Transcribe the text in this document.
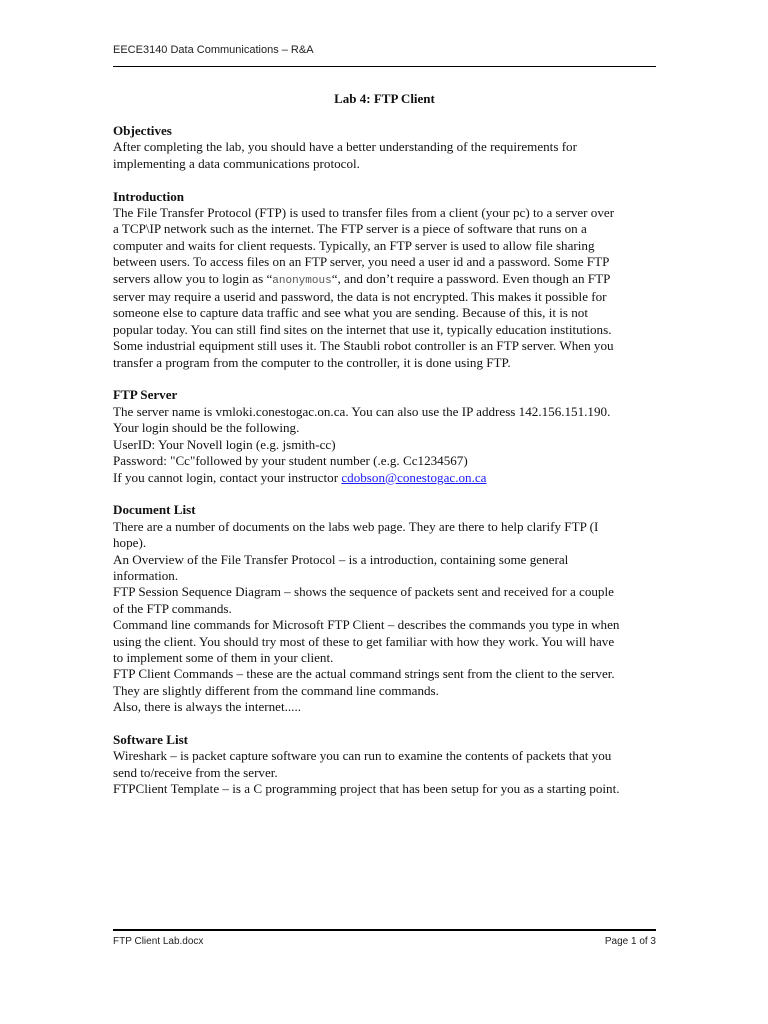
EECE3140 Data Communications – R&A
Lab 4: FTP Client

Objectives

After completing the lab, you should have a better understanding of the requirements for

implementing a data communications protocol.

Introduction

The File Transfer Protocol (FTP) is used to transfer files from a client (your pc) to a server over

a TCP\IP network such as the internet. The FTP server is a piece of software that runs on a

computer and waits for client requests. Typically, an FTP server is used to allow file sharing

between users. To access files on an FTP server, you need a user id and a password. Some FTP

servers allow you to login as “anonymous“, and don’t require a password. Even though an FTP

server may require a userid and password, the data is not encrypted. This makes it possible for

someone else to capture data traffic and see what you are sending. Because of this, it is not

popular today. You can still find sites on the internet that use it, typically education institutions.

Some industrial equipment still uses it. The Staubli robot controller is an FTP server. When you

transfer a program from the computer to the controller, it is done using FTP.

FTP Server

The server name is vmloki.conestogac.on.ca. You can also use the IP address 142.156.151.190.

Your login should be the following.

UserID: Your Novell login (e.g. jsmith-cc)

Password: "Cc"followed by your student number (.e.g. Cc1234567)

If you cannot login, contact your instructor cdobson@conestogac.on.ca

Document List

There are a number of documents on the labs web page. They are there to help clarify FTP (I

hope).

An Overview of the File Transfer Protocol – is a introduction, containing some general

information.

FTP Session Sequence Diagram – shows the sequence of packets sent and received for a couple

of the FTP commands.

Command line commands for Microsoft FTP Client – describes the commands you type in when

using the client. You should try most of these to get familiar with how they work. You will have

to implement some of them in your client.

FTP Client Commands – these are the actual command strings sent from the client to the server.

They are slightly different from the command line commands.

Also, there is always the internet.....

Software List

Wireshark – is packet capture software you can run to examine the contents of packets that you

send to/receive from the server.

FTPClient Template – is a C programming project that has been setup for you as a starting point.

FTP Client Lab.docx	Page 1 of 3
